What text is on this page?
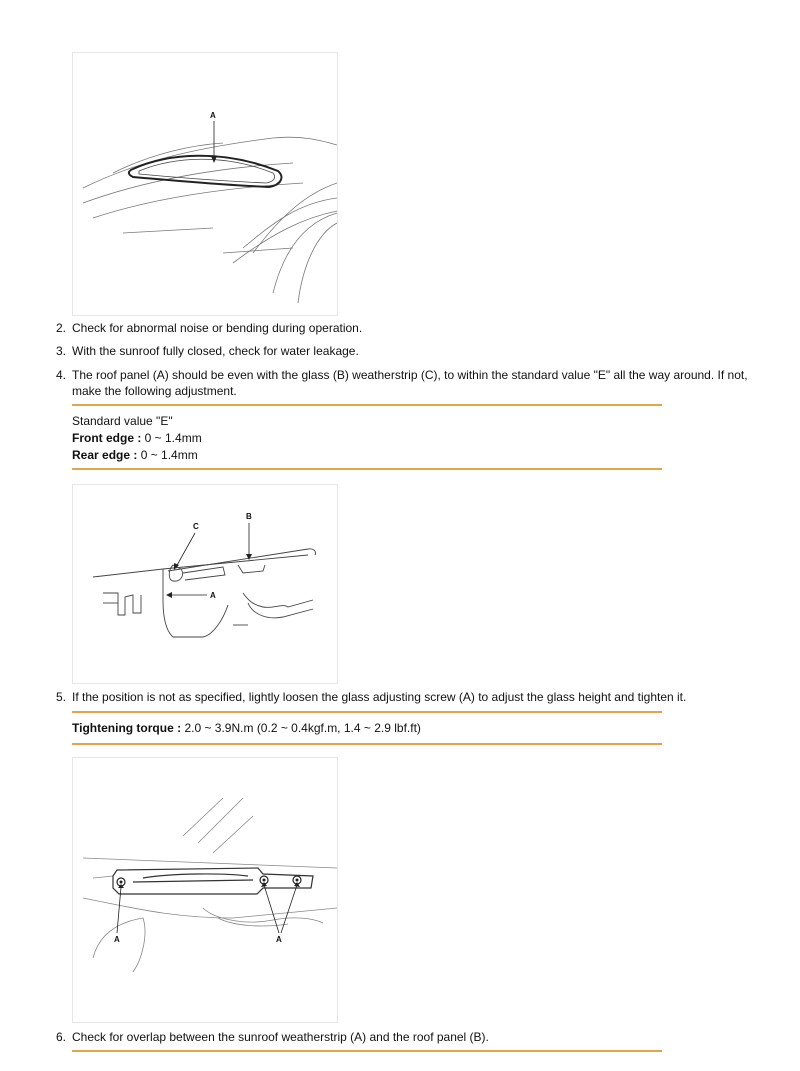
A
2. Check for abnormal noise or bending during operation.
3. With the sunroof fully closed, check for water leakage.
4. The roof panel (A) should be even with the glass (B) weatherstrip (C), to within the standard value "E" all the way around. If not, make the following adjustment.
Standard value "E"
Front edge : 0 ~ 1.4mm
Rear edge : 0 ~ 1.4mm
B
C
A
5. If the position is not as specified, lightly loosen the glass adjusting screw (A) to adjust the glass height and tighten it.
Tightening torque : 2.0 ~ 3.9N.m (0.2 ~ 0.4kgf.m, 1.4 ~ 2.9 lbf.ft)
A	A
6. Check for overlap between the sunroof weatherstrip (A) and the roof panel (B).
